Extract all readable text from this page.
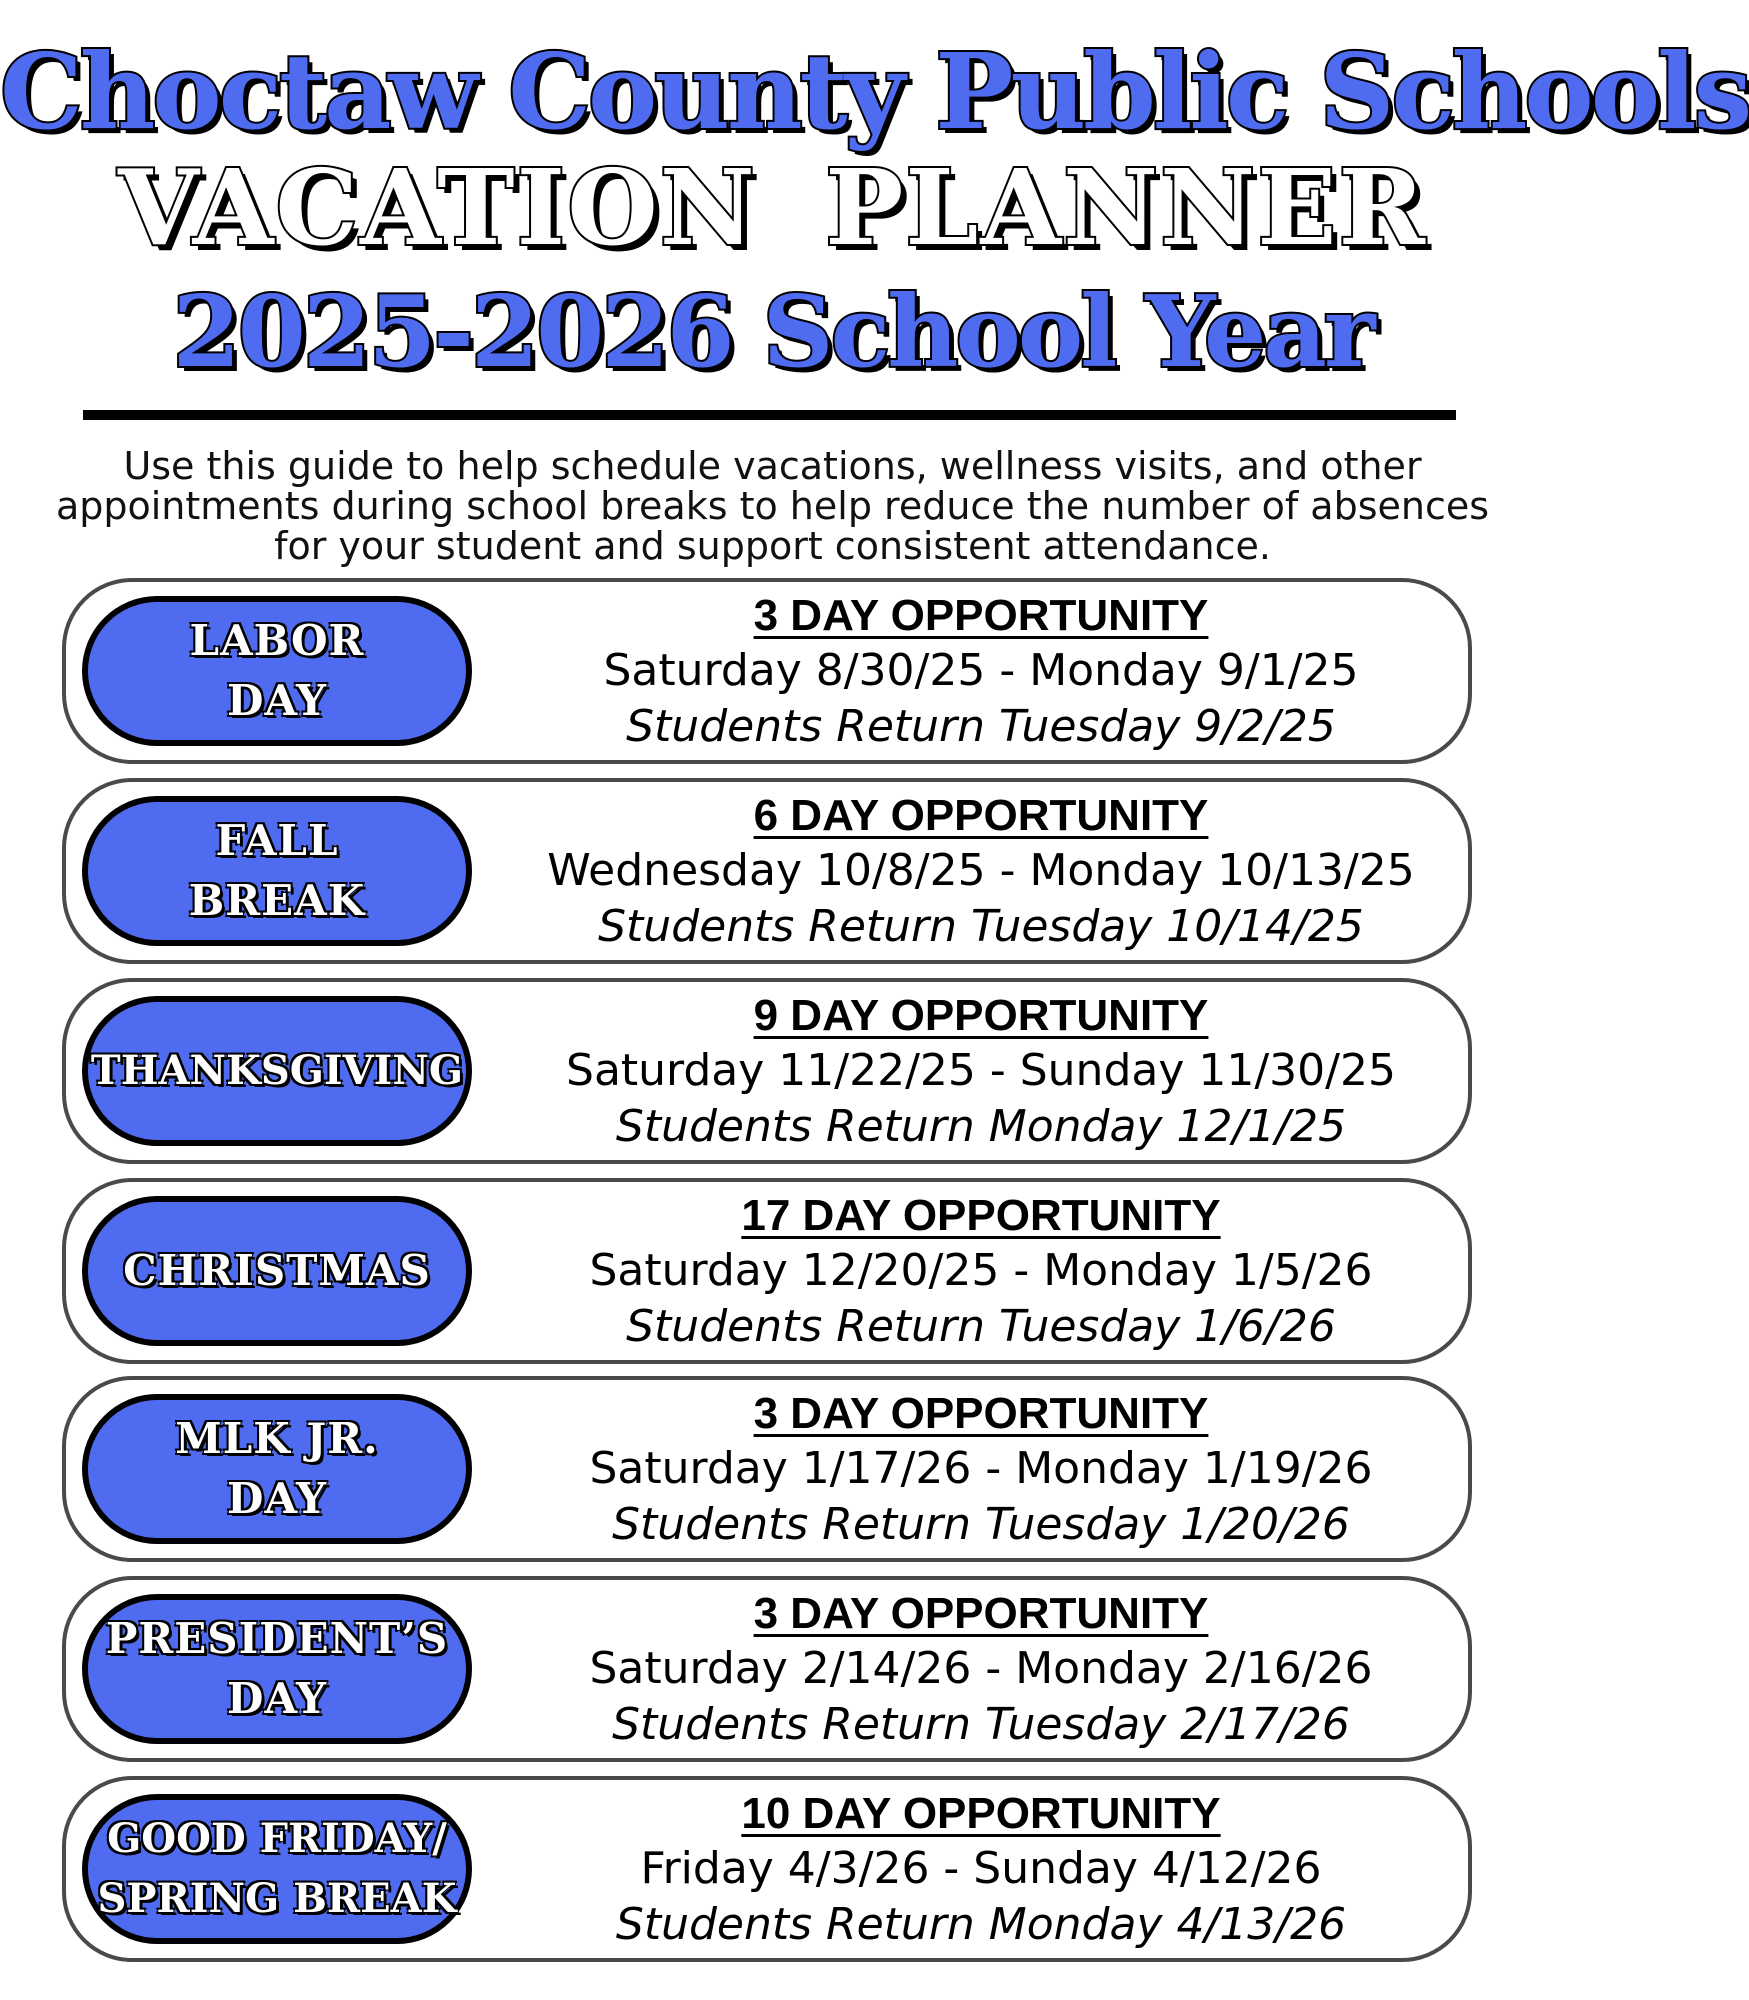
Choctaw County Public Schools
VACATION PLANNER
2025-2026 School Year
Use this guide to help schedule vacations, wellness visits, and other appointments during school breaks to help reduce the number of absences for your student and support consistent attendance.
LABOR
DAY
3 DAY OPPORTUNITY
Saturday 8/30/25 - Monday 9/1/25
Students Return Tuesday 9/2/25
FALL
BREAK
6 DAY OPPORTUNITY
Wednesday 10/8/25 - Monday 10/13/25
Students Return Tuesday 10/14/25
THANKSGIVING
9 DAY OPPORTUNITY
Saturday 11/22/25 - Sunday 11/30/25
Students Return Monday 12/1/25
CHRISTMAS
17 DAY OPPORTUNITY
Saturday 12/20/25 - Monday 1/5/26
Students Return Tuesday 1/6/26
MLK JR.
DAY
3 DAY OPPORTUNITY
Saturday 1/17/26 - Monday 1/19/26
Students Return Tuesday 1/20/26
PRESIDENT’S
DAY
3 DAY OPPORTUNITY
Saturday 2/14/26 - Monday 2/16/26
Students Return Tuesday 2/17/26
GOOD FRIDAY/
SPRING BREAK
10 DAY OPPORTUNITY
Friday 4/3/26 - Sunday 4/12/26
Students Return Monday 4/13/26
